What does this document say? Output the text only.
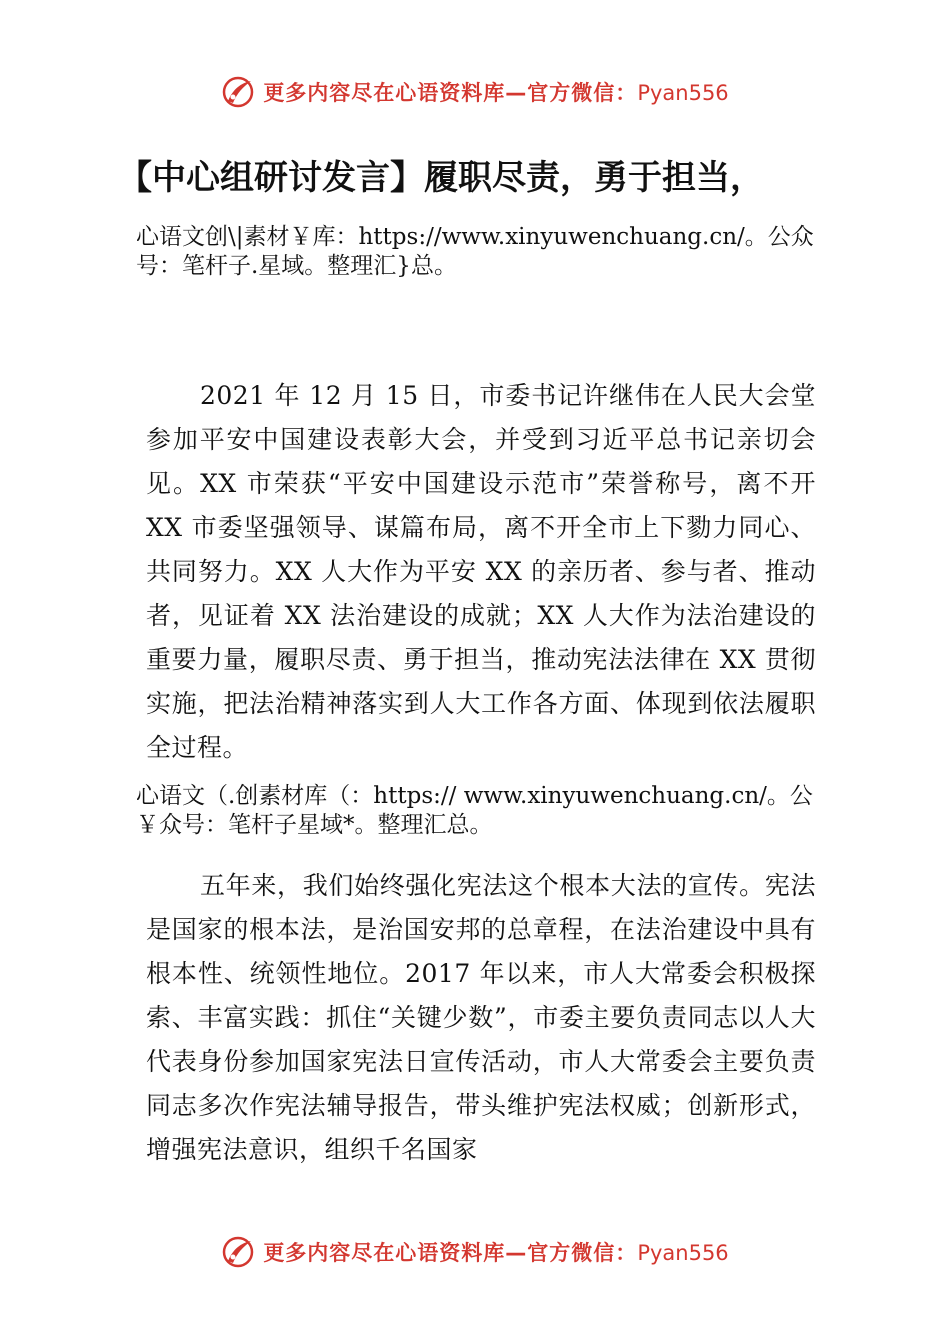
更多内容尽在心语资料库—官方微信：Pyan556
【中心组研讨发言】履职尽责，勇于担当，

心语文创\|素材￥库：https://www.xinyuwenchuang.cn/。公众号：笔杆子.星域。整理汇}总。

2021 年 12 月 15 日，市委书记许继伟在人民大会堂参加平安中国建设表彰大会，并受到习近平总书记亲切会见。XX 市荣获“平安中国建设示范市”荣誉称号，离不开 XX 市委坚强领导、谋篇布局，离不开全市上下勠力同心、共同努力。XX 人大作为平安 XX 的亲历者、参与者、推动者，见证着 XX 法治建设的成就；XX 人大作为法治建设的重要力量，履职尽责、勇于担当，推动宪法法律在 XX 贯彻实施，把法治精神落实到人大工作各方面、体现到依法履职全过程。

心语文（.创素材库（：https:// www.xinyuwenchuang.cn/。公￥众号：笔杆子星域*。整理汇总。

五年来，我们始终强化宪法这个根本大法的宣传。宪法是国家的根本法，是治国安邦的总章程，在法治建设中具有根本性、统领性地位。2017 年以来，市人大常委会积极探索、丰富实践：抓住“关键少数”，市委主要负责同志以人大代表身份参加国家宪法日宣传活动，市人大常委会主要负责同志多次作宪法辅导报告，带头维护宪法权威；创新形式，增强宪法意识，组织千名国家

更多内容尽在心语资料库—官方微信：Pyan556
